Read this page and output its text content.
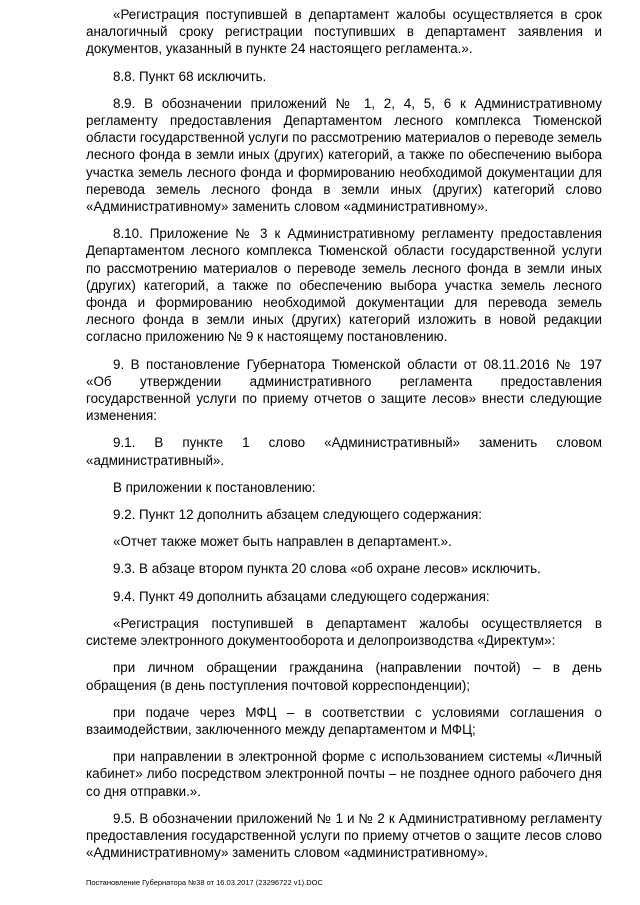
«Регистрация поступившей в департамент жалобы осуществляется в срок аналогичный сроку регистрации поступивших в департамент заявления и документов, указанный в пункте 24 настоящего регламента.».

8.8. Пункт 68 исключить.

8.9. В обозначении приложений № 1, 2, 4, 5, 6 к Административному регламенту предоставления Департаментом лесного комплекса Тюменской области государственной услуги по рассмотрению материалов о переводе земель лесного фонда в земли иных (других) категорий, а также по обеспечению выбора участка земель лесного фонда и формированию необходимой документации для перевода земель лесного фонда в земли иных (других) категорий слово «Административному» заменить словом «административному».

8.10. Приложение № 3 к Административному регламенту предоставления Департаментом лесного комплекса Тюменской области государственной услуги по рассмотрению материалов о переводе земель лесного фонда в земли иных (других) категорий, а также по обеспечению выбора участка земель лесного фонда и формированию необходимой документации для перевода земель лесного фонда в земли иных (других) категорий изложить в новой редакции согласно приложению № 9 к настоящему постановлению.

9. В постановление Губернатора Тюменской области от 08.11.2016 № 197 «Об утверждении административного регламента предоставления государственной услуги по приему отчетов о защите лесов» внести следующие изменения:

9.1. В пункте 1 слово «Административный» заменить словом «административный».

В приложении к постановлению:

9.2. Пункт 12 дополнить абзацем следующего содержания:

«Отчет также может быть направлен в департамент.».

9.3. В абзаце втором пункта 20 слова «об охране лесов» исключить.

9.4. Пункт 49 дополнить абзацами следующего содержания:

«Регистрация поступившей в департамент жалобы осуществляется в системе электронного документооборота и делопроизводства «Директум»:

при личном обращении гражданина (направлении почтой) – в день обращения (в день поступления почтовой корреспонденции);

при подаче через МФЦ – в соответствии с условиями соглашения о взаимодействии, заключенного между департаментом и МФЦ;

при направлении в электронной форме с использованием системы «Личный кабинет» либо посредством электронной почты – не позднее одного рабочего дня со дня отправки.».

9.5. В обозначении приложений № 1 и № 2 к Административному регламенту предоставления государственной услуги по приему отчетов о защите лесов слово «Административному» заменить словом «административному».

Постановление Губернатора №38 от 16.03.2017 (23296722 v1).DOC
